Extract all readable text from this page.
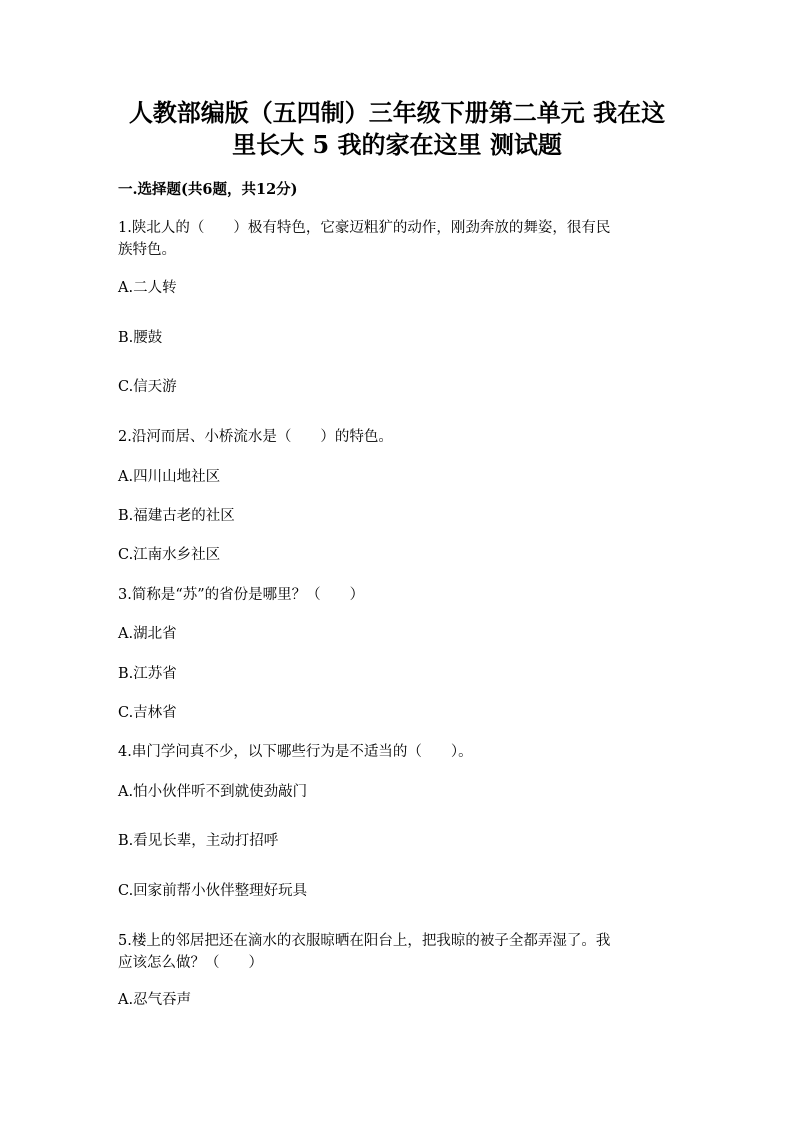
人教部编版（五四制）三年级下册第二单元 我在这
里长大 5 我的家在这里 测试题
一.选择题(共6题，共12分)
1.陕北人的（　　）极有特色，它豪迈粗犷的动作，刚劲奔放的舞姿，很有民
族特色。
A.二人转
B.腰鼓
C.信天游
2.沿河而居、小桥流水是（　　）的特色。
A.四川山地社区
B.福建古老的社区
C.江南水乡社区
3.简称是“苏”的省份是哪里？（　　）
A.湖北省
B.江苏省
C.吉林省
4.串门学问真不少，以下哪些行为是不适当的（　　）。
A.怕小伙伴听不到就使劲敲门
B.看见长辈，主动打招呼
C.回家前帮小伙伴整理好玩具
5.楼上的邻居把还在滴水的衣服晾晒在阳台上，把我晾的被子全都弄湿了。我
应该怎么做？（　　）
A.忍气吞声
